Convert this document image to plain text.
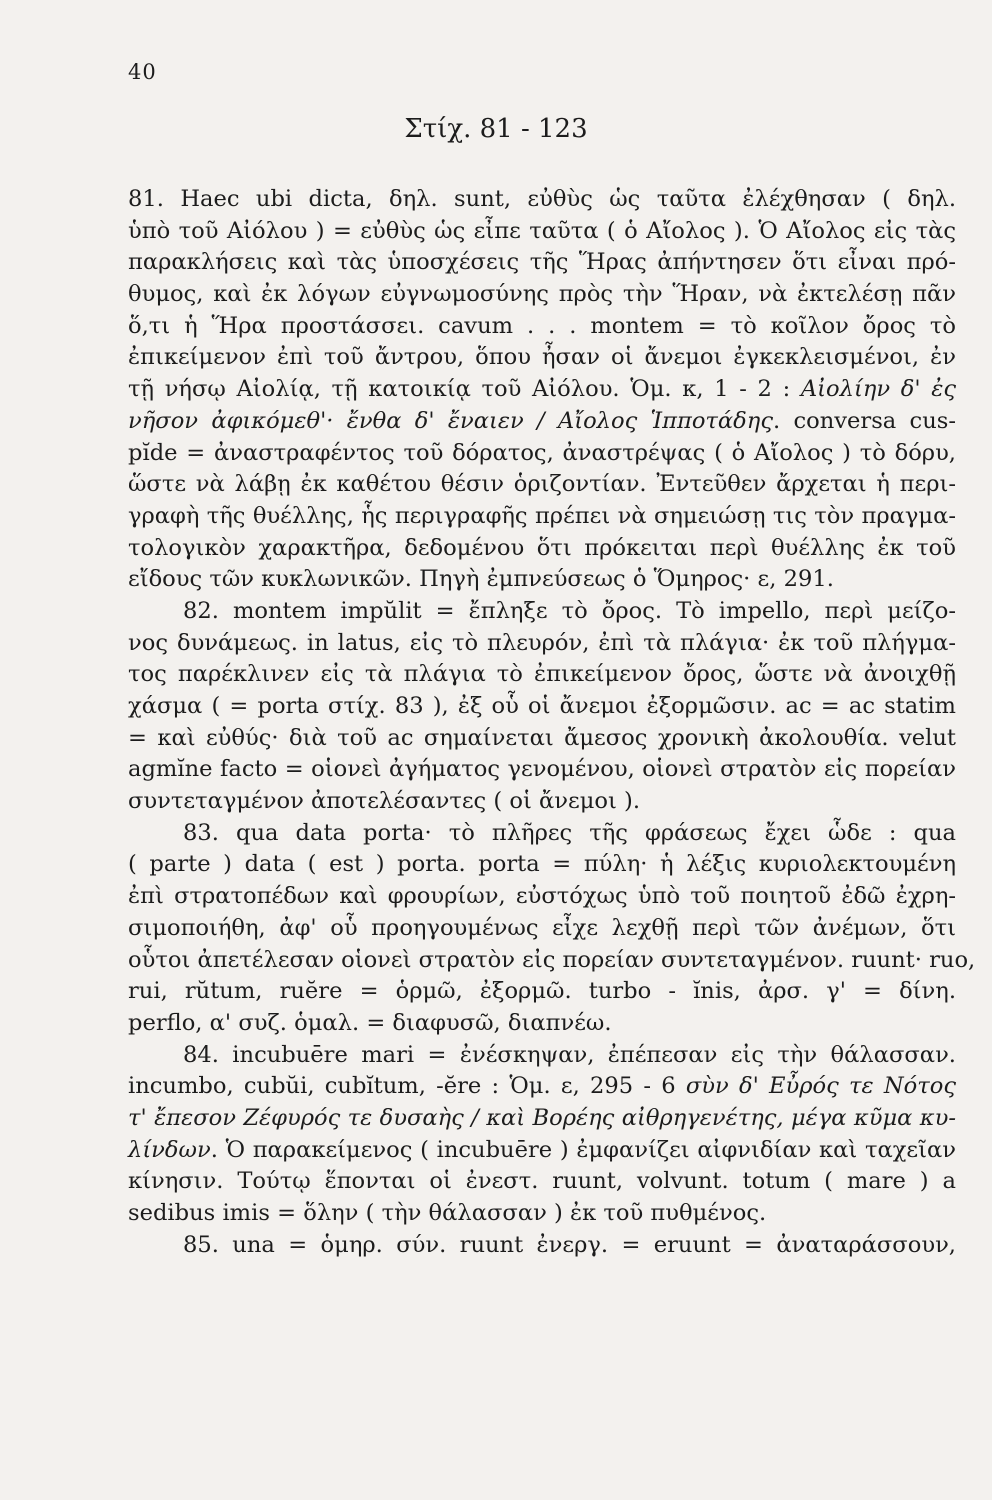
40
Στίχ. 81 - 123
81. Haec ubi dicta, δηλ. sunt, εὐθὺς ὡς ταῦτα ἐλέχθησαν ( δηλ.
ὑπὸ τοῦ Αἰόλου ) = εὐθὺς ὡς εἶπε ταῦτα ( ὁ Αἴολος ). Ὁ Αἴολος εἰς τὰς
παρακλήσεις καὶ τὰς ὑποσχέσεις τῆς Ἥρας ἀπήντησεν ὅτι εἶναι πρό-
θυμος, καὶ ἐκ λόγων εὐγνωμοσύνης πρὸς τὴν Ἥραν, νὰ ἐκτελέσῃ πᾶν
ὅ,τι ἡ Ἥρα προστάσσει. cavum . . . montem = τὸ κοῖλον ὄρος τὸ
ἐπικείμενον ἐπὶ τοῦ ἄντρου, ὅπου ἦσαν οἱ ἄνεμοι ἐγκεκλεισμένοι, ἐν
τῇ νήσῳ Αἰολίᾳ, τῇ κατοικίᾳ τοῦ Αἰόλου. Ὁμ. κ, 1 - 2 : Αἰολίην δ' ἐς
νῆσον ἀφικόμεθ'· ἔνθα δ' ἔναιεν / Αἴολος Ἱπποτάδης. conversa cus-
pĭde = ἀναστραφέντος τοῦ δόρατος, ἀναστρέψας ( ὁ Αἴολος ) τὸ δόρυ,
ὥστε νὰ λάβῃ ἐκ καθέτου θέσιν ὁριζοντίαν. Ἐντεῦθεν ἄρχεται ἡ περι-
γραφὴ τῆς θυέλλης, ἧς περιγραφῆς πρέπει νὰ σημειώσῃ τις τὸν πραγμα-
τολογικὸν χαρακτῆρα, δεδομένου ὅτι πρόκειται περὶ θυέλλης ἐκ τοῦ
εἴδους τῶν κυκλωνικῶν. Πηγὴ ἐμπνεύσεως ὁ Ὅμηρος· ε, 291.
82. montem impŭlit = ἔπληξε τὸ ὄρος. Τὸ impello, περὶ μείζο-
νος δυνάμεως. in latus, εἰς τὸ πλευρόν, ἐπὶ τὰ πλάγια· ἐκ τοῦ πλήγμα-
τος παρέκλινεν εἰς τὰ πλάγια τὸ ἐπικείμενον ὄρος, ὥστε νὰ ἀνοιχθῇ
χάσμα ( = porta στίχ. 83 ), ἐξ οὗ οἱ ἄνεμοι ἐξορμῶσιν. ac = ac statim
= καὶ εὐθύς· διὰ τοῦ ac σημαίνεται ἄμεσος χρονικὴ ἀκολουθία. velut
agmĭne facto = οἱονεὶ ἀγήματος γενομένου, οἱονεὶ στρατὸν εἰς πορείαν
συντεταγμένον ἀποτελέσαντες ( οἱ ἄνεμοι ).
83. qua data porta· τὸ πλῆρες τῆς φράσεως ἔχει ὧδε : qua
( parte ) data ( est ) porta. porta = πύλη· ἡ λέξις κυριολεκτουμένη
ἐπὶ στρατοπέδων καὶ φρουρίων, εὐστόχως ὑπὸ τοῦ ποιητοῦ ἐδῶ ἐχρη-
σιμοποιήθη, ἀφ' οὗ προηγουμένως εἶχε λεχθῇ περὶ τῶν ἀνέμων, ὅτι
οὗτοι ἀπετέλεσαν οἱονεὶ στρατὸν εἰς πορείαν συντεταγμένον. ruunt· ruo,
rui, rŭtum, ruĕre = ὁρμῶ, ἐξορμῶ. turbo - ĭnis, ἀρσ. γ' = δίνη.
perflo, α' συζ. ὁμαλ. = διαφυσῶ, διαπνέω.
84. incubuēre mari = ἐνέσκηψαν, ἐπέπεσαν εἰς τὴν θάλασσαν.
incumbo, cubŭi, cubĭtum, -ĕre : Ὁμ. ε, 295 - 6 σὺν δ' Εὖρός τε Νότος
τ' ἔπεσον Ζέφυρός τε δυσαὴς / καὶ Βορέης αἰθρηγενέτης, μέγα κῦμα κυ-
λίνδων. Ὁ παρακείμενος ( incubuēre ) ἐμφανίζει αἰφνιδίαν καὶ ταχεῖαν
κίνησιν. Τούτῳ ἕπονται οἱ ἐνεστ. ruunt, volvunt. totum ( mare ) a
sedibus imis = ὅλην ( τὴν θάλασσαν ) ἐκ τοῦ πυθμένος.
85. una = ὁμηρ. σύν. ruunt ἐνεργ. = eruunt = ἀναταράσσουν,
